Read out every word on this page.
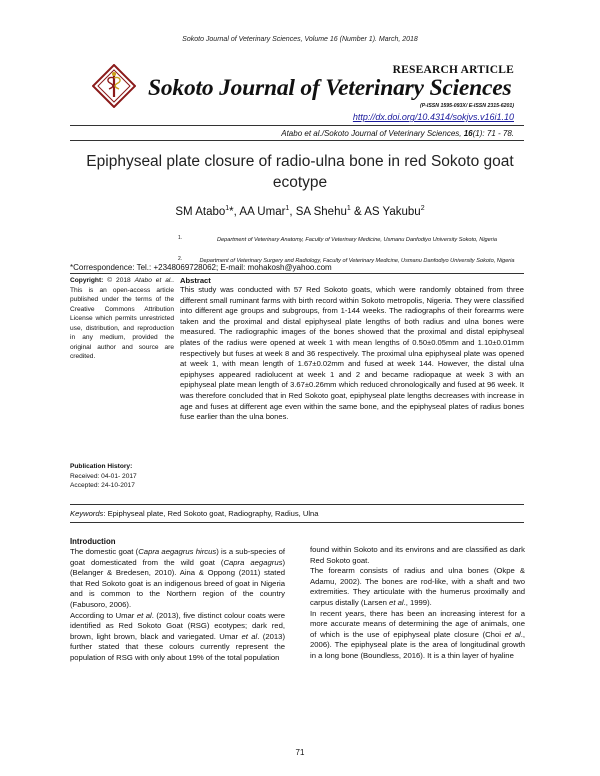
Sokoto Journal of Veterinary Sciences, Volume 16 (Number 1). March, 2018
RESEARCH ARTICLE
Sokoto Journal of Veterinary Sciences
(P-ISSN 1595-093X/ E-ISSN 2315-6201)
http://dx.doi.org/10.4314/sokjvs.v16i1.10
Atabo et al./Sokoto Journal of Veterinary Sciences, 16(1): 71 - 78.
Epiphyseal plate closure of radio-ulna bone in red Sokoto goat ecotype
SM Atabo$^1$*, AA Umar$^1$, SA Shehu$^1$ & AS Yakubu$^2$
1.	Department of Veterinary Anatomy, Faculty of Veterinary Medicine, Usmanu Danfodiyo University Sokoto, Nigeria
2.	Department of Veterinary Surgery and Radiology, Faculty of Veterinary Medicine, Usmanu Danfodiyo University Sokoto, Nigeria
*Correspondence: Tel.: +2348069728062; E-mail: mohakosh@yahoo.com
Copyright: © 2018 Atabo et al.. This is an open-access article published under the terms of the Creative Commons Attribution License which permits unrestricted use, distribution, and reproduction in any medium, provided the original author and source are credited.
Publication History:
Received: 04-01- 2017
Accepted: 24-10-2017
Abstract
This study was conducted with 57 Red Sokoto goats, which were randomly obtained from three different small ruminant farms with birth record within Sokoto metropolis, Nigeria. They were classified into different age groups and subgroups, from 1-144 weeks. The radiographs of their forearms were taken and the proximal and distal epiphyseal plate lengths of both radius and ulna bones were measured. The radiographic images of the bones showed that the proximal and distal epiphyseal plates of the radius were opened at week 1 with mean lengths of 0.50±0.05mm and 1.10±0.01mm respectively but fuses at week 8 and 36 respectively. The proximal ulna epiphyseal plate was opened at week 1, with mean length of 1.67±0.02mm and fused at week 144. However, the distal ulna epiphyses appeared radiolucent at week 1 and 2 and became radiopaque at week 3 with an epiphyseal plate mean length of 3.67±0.26mm which reduced chronologically and fused at 96 week. It was therefore concluded that in Red Sokoto goat, epiphyseal plate lengths decreases with increase in age and fuses at different age even within the same bone, and the epiphyseal plates of radius bones fuse earlier than the ulna bones.
Keywords: Epiphyseal plate, Red Sokoto goat, Radiography, Radius, Ulna
Introduction

The domestic goat (Capra aegagrus hircus) is a sub-species of goat domesticated from the wild goat (Capra aegagrus) (Belanger & Bredesen, 2010). Aina & Oppong (2011) stated that Red Sokoto goat is an indigenous breed of goat in Nigeria and is common to the Northern region of the country (Fabusoro, 2006).

According to Umar et al. (2013), five distinct colour coats were identified as Red Sokoto Goat (RSG) ecotypes; dark red, brown, light brown, black and variegated. Umar et al. (2013) further stated that these colours currently represent the population of RSG with only about 19% of the total population

found within Sokoto and its environs and are classified as dark Red Sokoto goat.

The forearm consists of radius and ulna bones (Okpe & Adamu, 2002). The bones are rod-like, with a shaft and two extremities. They articulate with the humerus proximally and carpus distally (Larsen et al., 1999).

In recent years, there has been an increasing interest for a more accurate means of determining the age of animals, one of which is the use of epiphyseal plate closure (Choi et al., 2006). The epiphyseal plate is the area of longitudinal growth in a long bone (Boundless, 2016). It is a thin layer of hyaline

71
